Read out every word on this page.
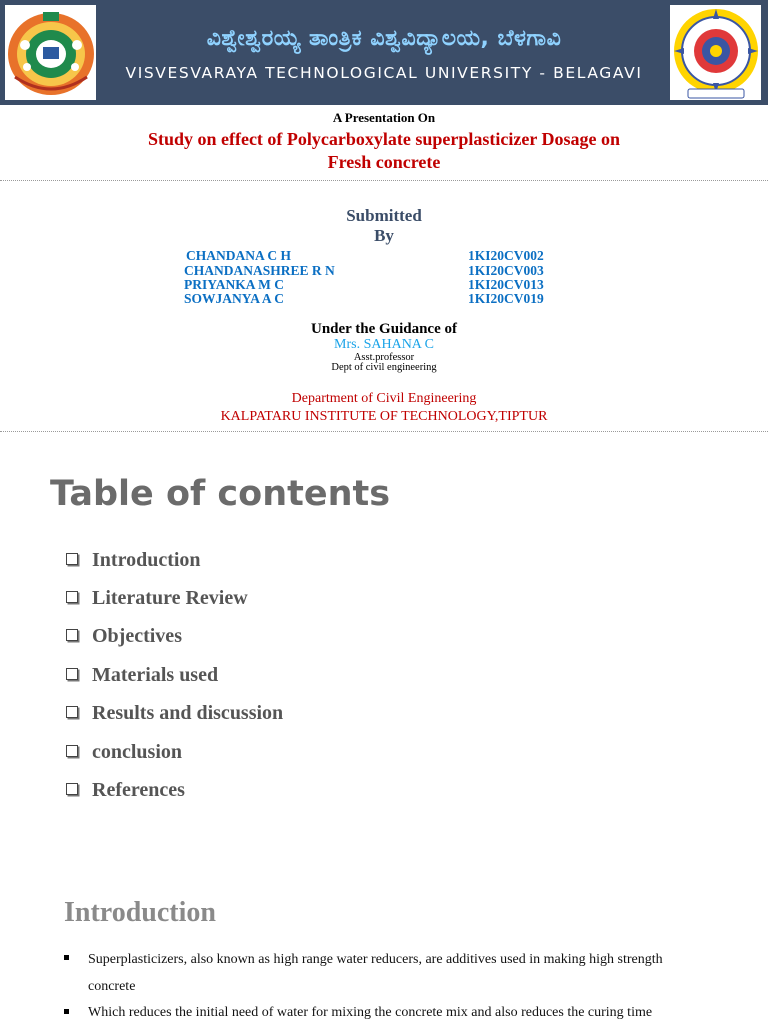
ವಿಶ್ವೇಶ್ವರಯ್ಯ ತಾಂತ್ರಿಕ ವಿಶ್ವವಿದ್ಯಾಲಯ, ಬೆಳಗಾವಿ
VISVESVARAYA TECHNOLOGICAL UNIVERSITY - BELAGAVI
A Presentation On
Study on effect of Polycarboxylate superplasticizer Dosage on
Fresh concrete
Submitted
By
CHANDANA C H	1KI20CV002
CHANDANASHREE R N	1KI20CV003
PRIYANKA M C	1KI20CV013
SOWJANYA A C	1KI20CV019
Under the Guidance of
Mrs. SAHANA C
Asst.professor
Dept of civil engineering
Department of Civil Engineering
KALPATARU INSTITUTE OF TECHNOLOGY,TIPTUR
Table of contents
Introduction
Literature Review
Objectives
Materials used
Results and discussion
conclusion
References
Introduction
Superplasticizers, also known as high range water reducers, are additives used in making high strength concrete
Which reduces the initial need of water for mixing the concrete mix and also reduces the curing time
